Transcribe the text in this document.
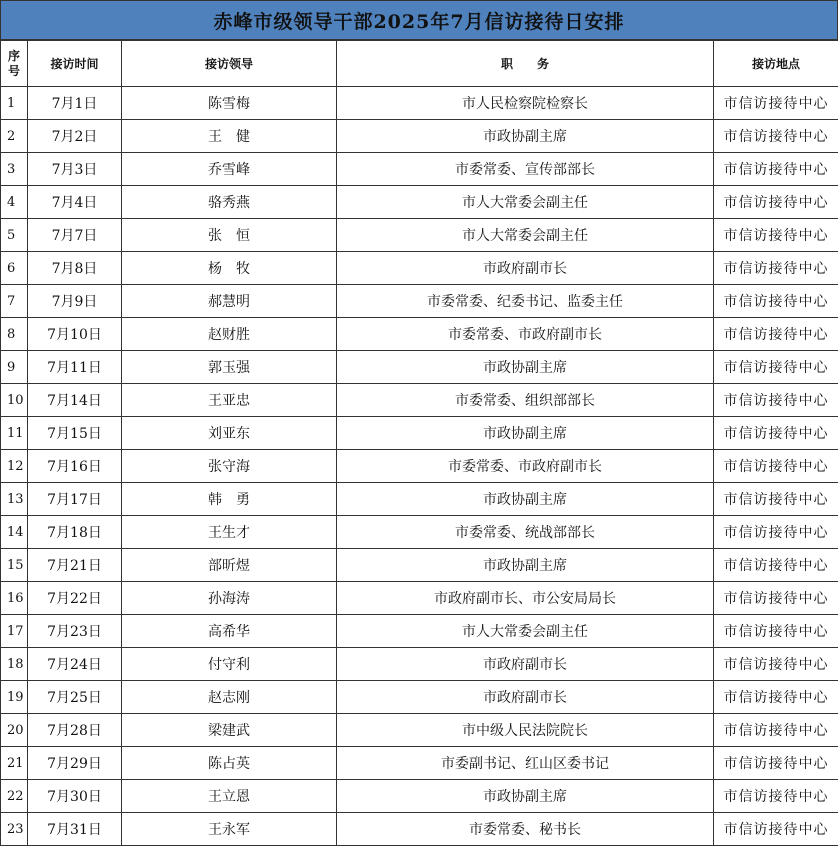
赤峰市级领导干部2025年7月信访接待日安排
序
号	接访时间	接访领导	职　　务	接访地点
1	7月1日	陈雪梅	市人民检察院检察长	市信访接待中心
2	7月2日	王　健	市政协副主席	市信访接待中心
3	7月3日	乔雪峰	市委常委、宣传部部长	市信访接待中心
4	7月4日	骆秀燕	市人大常委会副主任	市信访接待中心
5	7月7日	张　恒	市人大常委会副主任	市信访接待中心
6	7月8日	杨　牧	市政府副市长	市信访接待中心
7	7月9日	郝慧明	市委常委、纪委书记、监委主任	市信访接待中心
8	7月10日	赵财胜	市委常委、市政府副市长	市信访接待中心
9	7月11日	郭玉强	市政协副主席	市信访接待中心
10	7月14日	王亚忠	市委常委、组织部部长	市信访接待中心
11	7月15日	刘亚东	市政协副主席	市信访接待中心
12	7月16日	张守海	市委常委、市政府副市长	市信访接待中心
13	7月17日	韩　勇	市政协副主席	市信访接待中心
14	7月18日	王生才	市委常委、统战部部长	市信访接待中心
15	7月21日	部昕煜	市政协副主席	市信访接待中心
16	7月22日	孙海涛	市政府副市长、市公安局局长	市信访接待中心
17	7月23日	高希华	市人大常委会副主任	市信访接待中心
18	7月24日	付守利	市政府副市长	市信访接待中心
19	7月25日	赵志刚	市政府副市长	市信访接待中心
20	7月28日	梁建武	市中级人民法院院长	市信访接待中心
21	7月29日	陈占英	市委副书记、红山区委书记	市信访接待中心
22	7月30日	王立恩	市政协副主席	市信访接待中心
23	7月31日	王永军	市委常委、秘书长	市信访接待中心
